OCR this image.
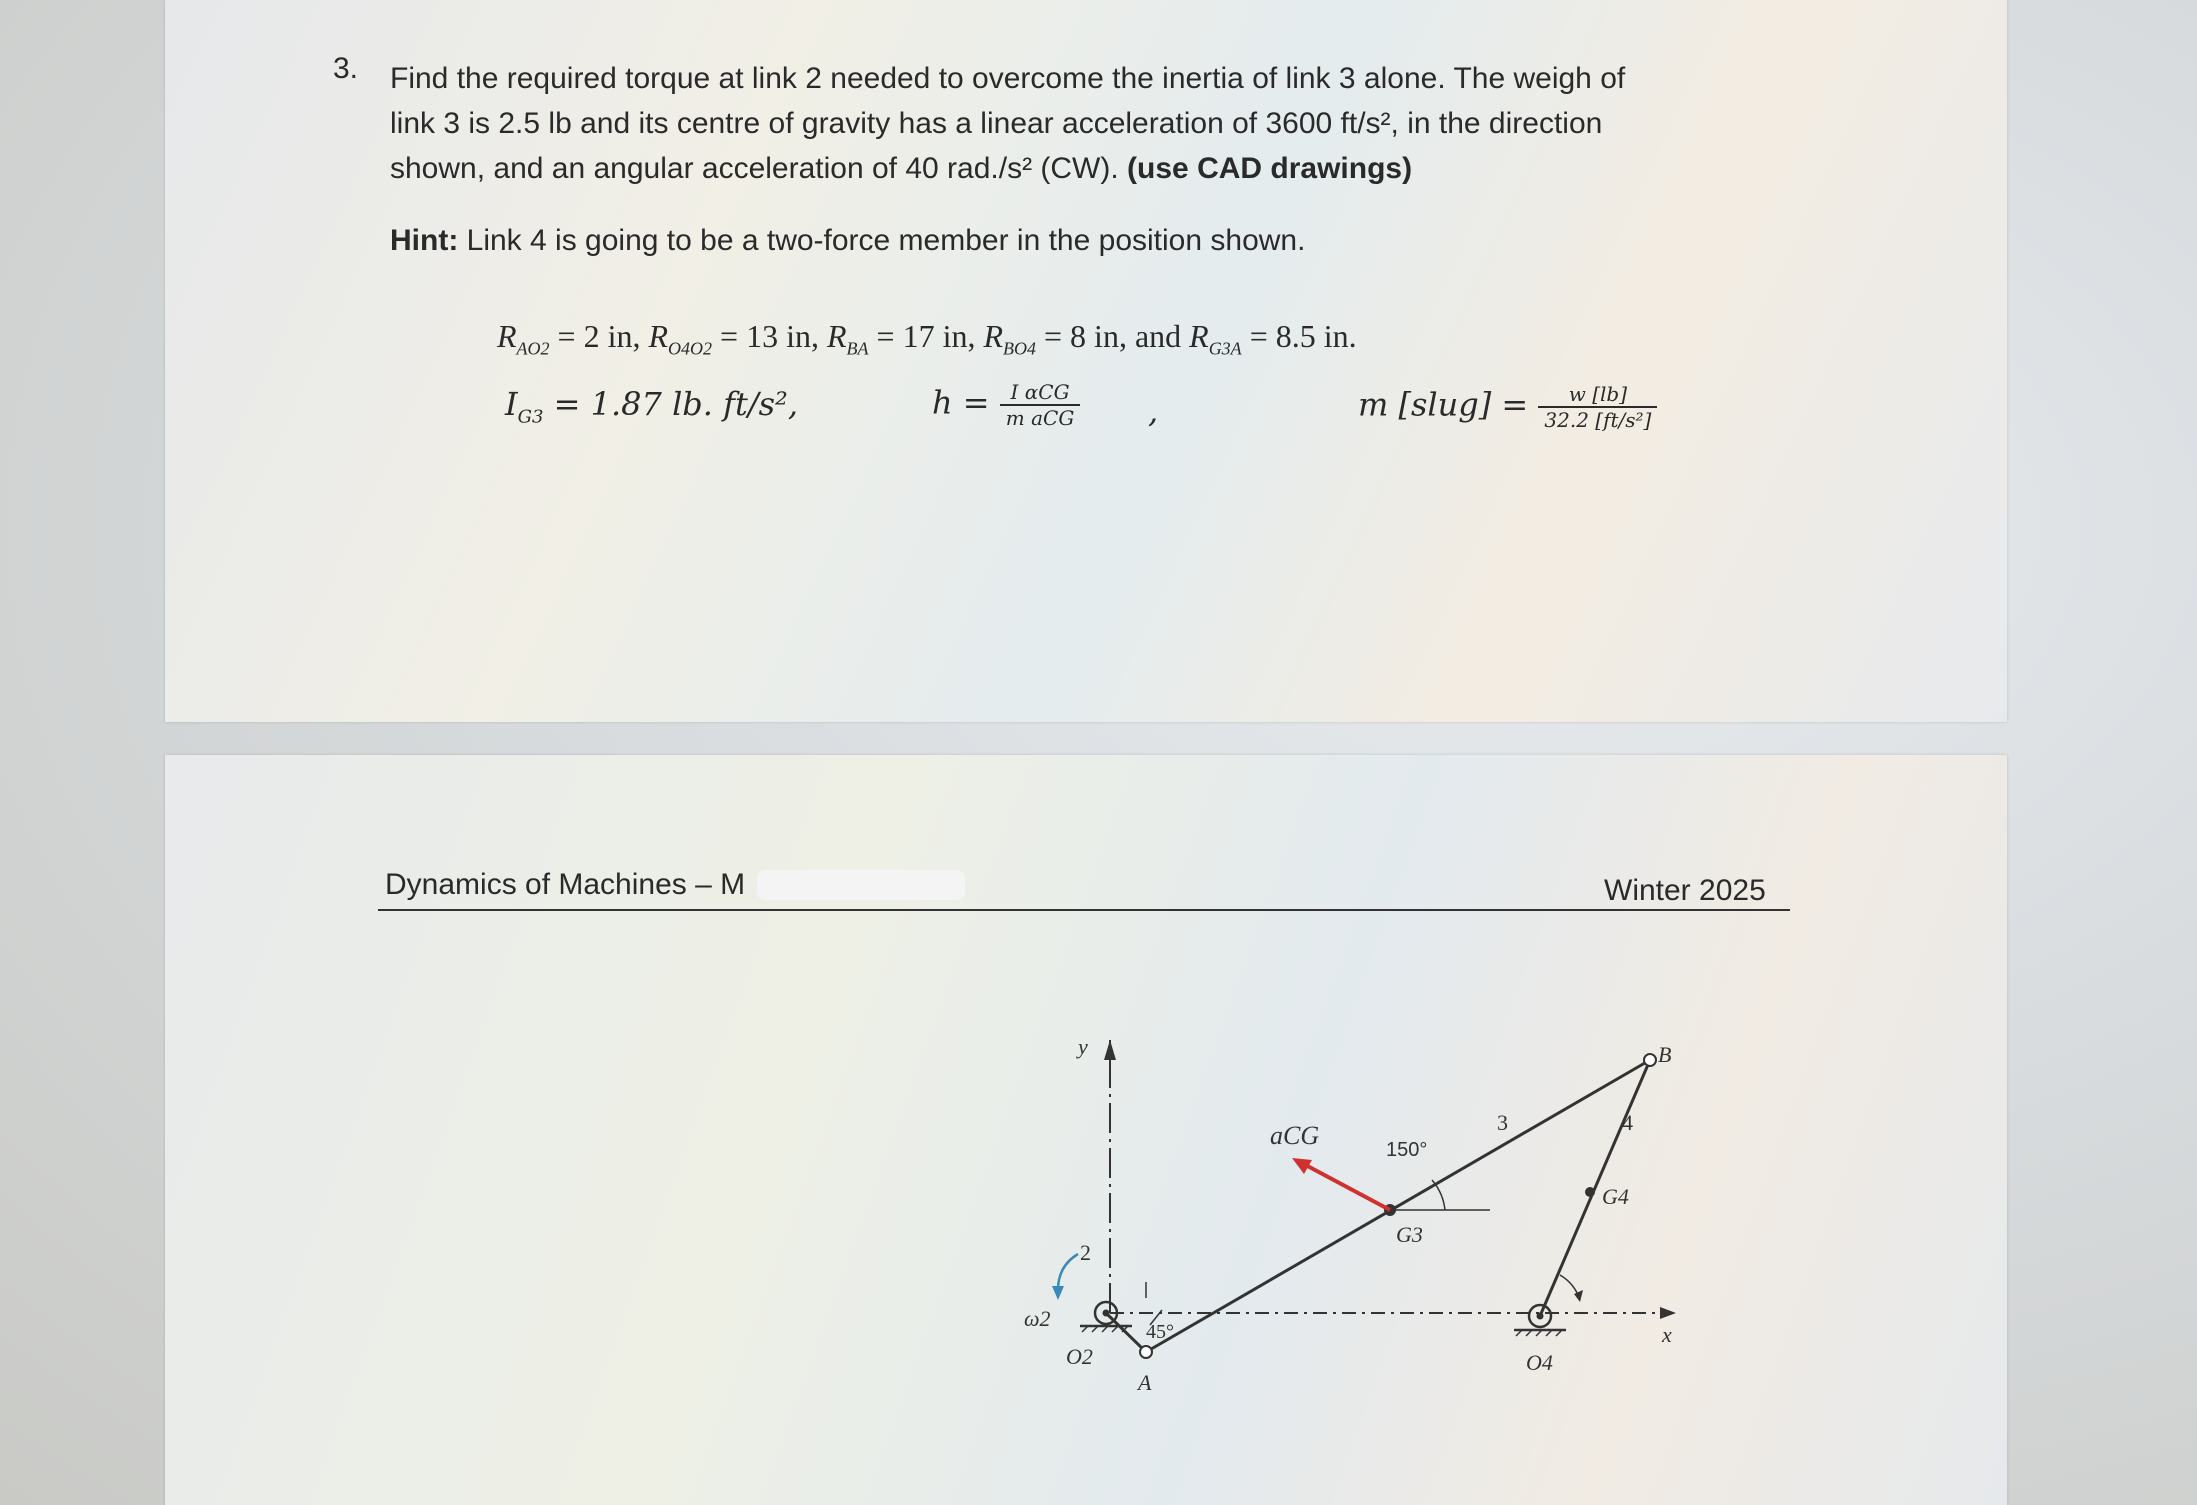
3. Find the required torque at link 2 needed to overcome the inertia of link 3 alone. The weigh of
link 3 is 2.5 lb and its centre of gravity has a linear acceleration of 3600 ft/s², in the direction
shown, and an angular acceleration of 40 rad./s² (CW). (use CAD drawings)
Hint: Link 4 is going to be a two-force member in the position shown.
$R_{AO2} = 2$ in, $R_{O4O2} = 13$ in, $R_{BA} = 17$ in, $R_{BO4} = 8$ in, and $R_{G3A} = 8.5$ in.
$I_{G3} = 1.87$ lb. ft/s²,	$h = \frac{\text{I αCG}}{\text{m aCG}}$ ,	m [slug] = $\frac{w [lb]}{\text{32.2 [ft/s²]}}$
Dynamics of Machines – M	Winter 2025
y
x
2
3	4
ω2
O2	O4
A
B
G3
G4
aCG
45°
150°
